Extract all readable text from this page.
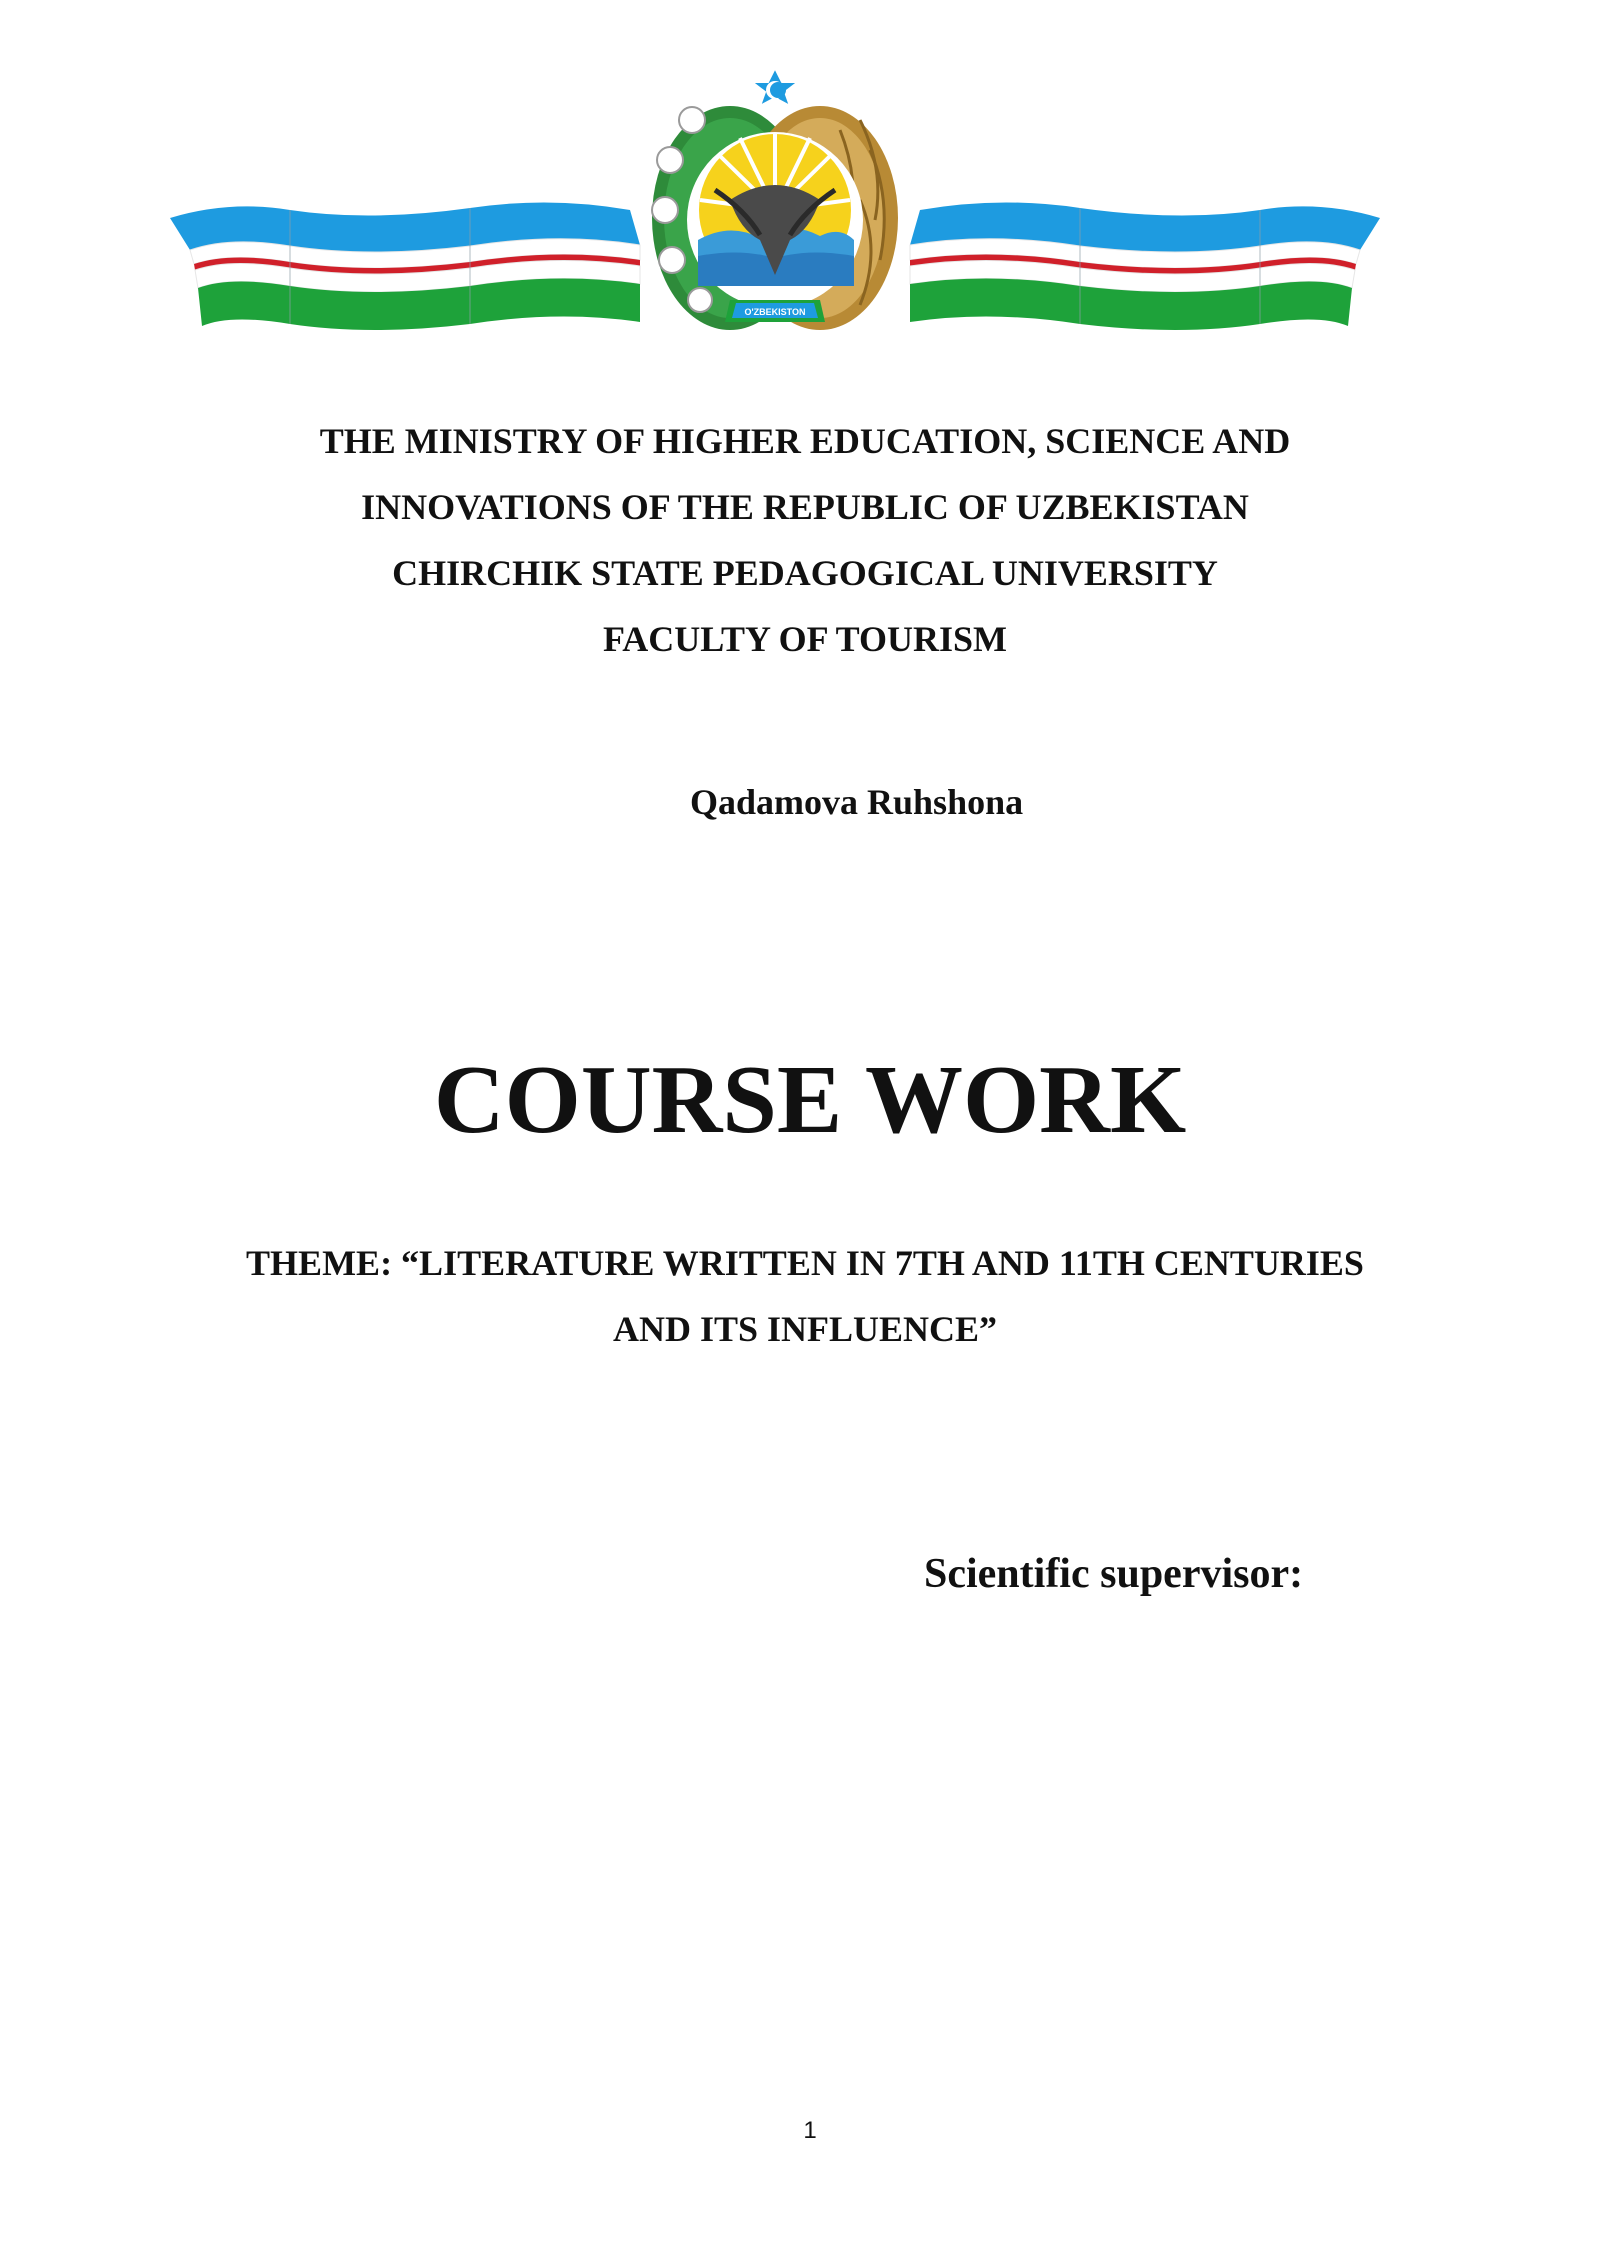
O'ZBEKISTON

THE MINISTRY OF HIGHER EDUCATION, SCIENCE AND

INNOVATIONS OF THE REPUBLIC OF UZBEKISTAN

CHIRCHIK STATE PEDAGOGICAL UNIVERSITY

FACULTY OF TOURISM

Qadamova Ruhshona

COURSE WORK

THEME: “LITERATURE WRITTEN IN 7TH AND 11TH CENTURIES

AND ITS INFLUENCE”

Scientific supervisor:

1
